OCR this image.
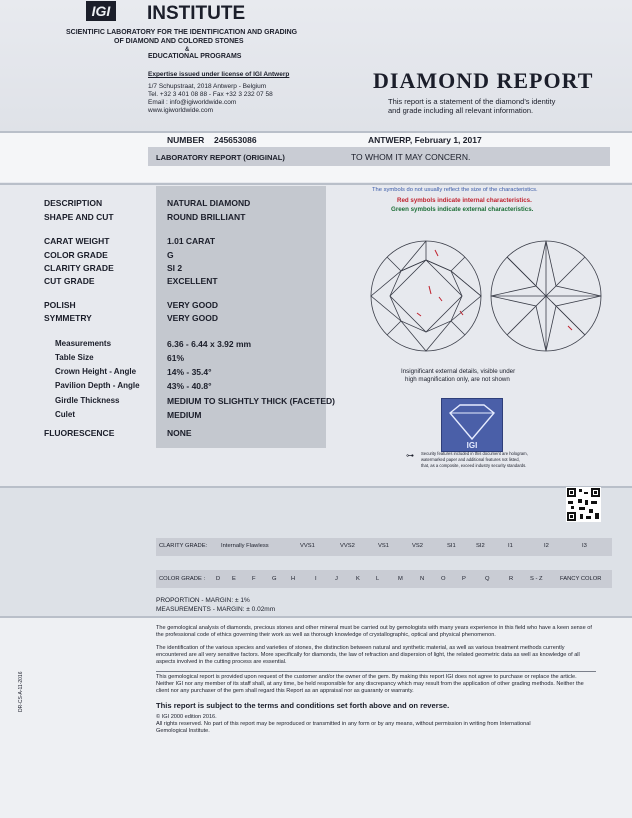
IGI INSTITUTE
SCIENTIFIC LABORATORY FOR THE IDENTIFICATION AND GRADING
OF DIAMOND AND COLORED STONES
&
EDUCATIONAL PROGRAMS
Expertise issued under license of IGI Antwerp
1/7 Schupstraat, 2018 Antwerp - Belgium
Tel. +32 3 401 08 88 - Fax +32 3 232 07 58
Email : info@igiworldwide.com
www.igiworldwide.com
DIAMOND REPORT
This report is a statement of the diamond's identity
and grade including all relevant information.
NUMBER 245653086	ANTWERP, February 1, 2017
LABORATORY REPORT (ORIGINAL)	TO WHOM IT MAY CONCERN.
DESCRIPTION	NATURAL DIAMOND
SHAPE AND CUT	ROUND BRILLIANT
CARAT WEIGHT	1.01 CARAT
COLOR GRADE	G
CLARITY GRADE	SI 2
CUT GRADE	EXCELLENT
POLISH	VERY GOOD
SYMMETRY	VERY GOOD
Measurements	6.36 - 6.44 x 3.92 mm
Table Size	61%
Crown Height - Angle	14% - 35.4°
Pavilion Depth - Angle	43% - 40.8°
Girdle Thickness	MEDIUM TO SLIGHTLY THICK (FACETED)
Culet	MEDIUM
FLUORESCENCE	NONE
The symbols do not usually reflect the size of the characteristics.
Red symbols indicate internal characteristics.
Green symbols indicate external characteristics.
Insignificant external details, visible under
high magnification only, are not shown
IGI
⊶ Security features included in this document are hologram,
watermarked paper and additional features not listed,
that, as a composite, exceed industry security standards.
CLARITY GRADE: Internally Flawless	VVS1	VVS2	VS1	VS2	SI1	SI2	I1	I2	I3
COLOR GRADE : D E	F	G H	I	J	K	L	M	N	O	P	Q	R	S - Z	FANCY COLOR
PROPORTION - MARGIN: ± 1%
MEASUREMENTS - MARGIN: ± 0.02mm
The gemological analysis of diamonds, precious stones and other mineral must be carried out by gemologists with many years experience in this field who have a keen sense of the professional code of ethics governing their work as well as thorough knowledge of crystallographic, optical and physical phenomenon.
The identification of the various species and varieties of stones, the distinction between natural and synthetic material, as well as various treatment methods currently encountered are all very sensitive factors. More specifically for diamonds, the law of refraction and dispersion of light, the related geometric data as well as knowledge of all aspects involved in the cutting process are essential.
This gemological report is provided upon request of the customer and/or the owner of the gem. By making this report IGI does not agree to purchase or replace the article. Neither IGI nor any member of its staff shall, at any time, be held responsible for any discrepancy which may result from the application of other grading methods. Neither the client nor any purchaser of the gem shall regard this Report as an appraisal nor as guaranty or warranty.
This report is subject to the terms and conditions set forth above and on reverse.
© IGI 2000 edition 2016.
All rights reserved. No part of this report may be reproduced or transmitted in any form or by any means, without permission in writing from International Gemological Institute.
DR-CS-A-11-2016
